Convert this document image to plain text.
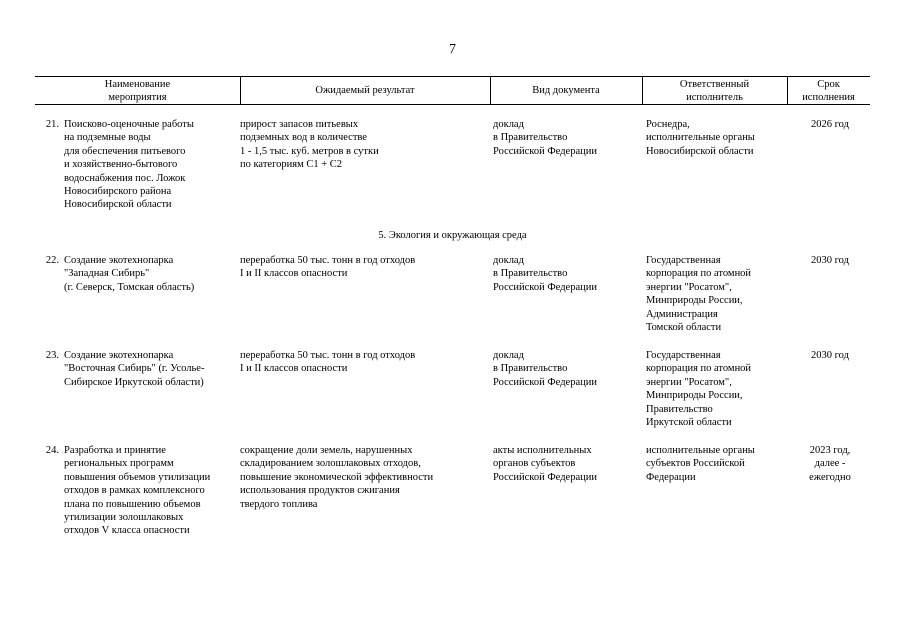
7
Наименование
мероприятия
Ожидаемый результат	Вид документа
Ответственный
исполнитель
Срок
исполнения
21. Поисково-оценочные работы
на подземные воды
для обеспечения питьевого
и хозяйственно-бытового
водоснабжения пос. Ложок
Новосибирского района
Новосибирской области
прирост запасов питьевых
подземных вод в количестве
1 - 1,5 тыс. куб. метров в сутки
по категориям С1 + С2
доклад
в Правительство
Российской Федерации
Роснедра,
исполнительные органы
Новосибирской области
2026 год
5. Экология и окружающая среда
22. Создание экотехнопарка
"Западная Сибирь"
(г. Северск, Томская область)
переработка 50 тыс. тонн в год отходов
I и II классов опасности
доклад
в Правительство
Российской Федерации
Государственная
корпорация по атомной
энергии "Росатом",
Минприроды России,
Администрация
Томской области
2030 год
23. Создание экотехнопарка
"Восточная Сибирь" (г. Усолье-
Сибирское Иркутской области)
переработка 50 тыс. тонн в год отходов
I и II классов опасности
доклад
в Правительство
Российской Федерации
Государственная
корпорация по атомной
энергии "Росатом",
Минприроды России,
Правительство
Иркутской области
2030 год
24. Разработка и принятие
региональных программ
повышения объемов утилизации
отходов в рамках комплексного
плана по повышению объемов
утилизации золошлаковых
отходов V класса опасности
сокращение доли земель, нарушенных
складированием золошлаковых отходов,
повышение экономической эффективности
использования продуктов сжигания
твердого топлива
акты исполнительных
органов субъектов
Российской Федерации
исполнительные органы
субъектов Российской
Федерации
2023 год,
далее -
ежегодно
